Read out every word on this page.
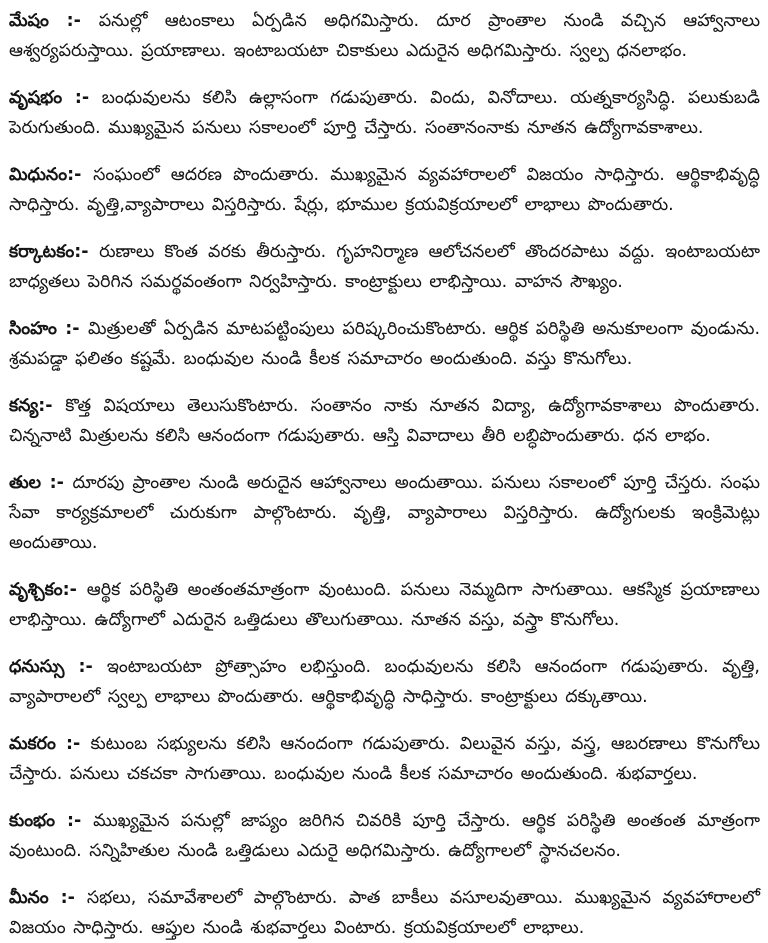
మేషం :- పనుల్లో ఆటంకాలు ఏర్పడిన అధిగమిస్తారు. దూర ప్రాంతాల నుండి వచ్చిన ఆహ్వానాలు ఆశ్వర్యపరుస్తాయి. ప్రయాణాలు. ఇంటాబయటా చికాకులు ఎదురైన అధిగమిస్తారు. స్వల్ప ధనలాభం.

వృషభం :- బంధువులను కలిసి ఉల్లాసంగా గడుపుతారు. విందు, వినోదాలు. యత్నకార్యసిద్ధి. పలుకుబడి పెరుగుతుంది. ముఖ్యమైన పనులు సకాలంలో పూర్తి చేస్తారు. సంతానంనాకు నూతన ఉద్యోగావకాశాలు.

మిధునం:- సంఘంలో ఆదరణ పొందుతారు. ముఖ్యమైన వ్యవహారాలలో విజయం సాధిస్తారు. ఆర్థికాభివృద్ధి సాధిస్తారు. వృత్తి,వ్యాపారాలు విస్తరిస్తారు. షేర్లు, భూముల క్రయవిక్రయాలలో లాభాలు పొందుతారు.

కర్కాటకం:- రుణాలు కొంత వరకు తీరుస్తారు. గృహనిర్మాణ ఆలోచనలలో తొందరపాటు వద్దు. ఇంటాబయటా బాధ్యతలు పెరిగిన సమర్థవంతంగా నిర్వహిస్తారు. కాంట్రాక్టులు లాభిస్తాయి. వాహన సౌఖ్యం.

సింహం :- మిత్రులతో ఏర్పడిన మాటపట్టింపులు పరిష్కరించుకొంటారు. ఆర్థిక పరిస్థితి అనుకూలంగా వుండును. శ్రమపడ్డా ఫలితం కష్టమే. బంధువుల నుండి కీలక సమాచారం అందుతుంది. వస్తు కొనుగోలు.

కన్య:- కొత్త విషయాలు తెలుసుకొంటారు. సంతానం నాకు నూతన విద్యా, ఉద్యోగావకాశాలు పొందుతారు. చిన్ననాటి మిత్రులను కలిసి ఆనందంగా గడుపుతారు. ఆస్తి వివాదాలు తీరి లబ్ధిపొందుతారు. ధన లాభం.

తుల :- దూరపు ప్రాంతాల నుండి అరుదైన ఆహ్వానాలు అందుతాయి. పనులు సకాలంలో పూర్తి చేస్తరు. సంఘ సేవా కార్యక్రమాలలో చురుకుగా పాల్గొంటారు. వృత్తి, వ్యాపారాలు విస్తరిస్తారు. ఉద్యోగులకు ఇంక్రిమెట్లు అందుతాయి.

వృశ్చికం:- ఆర్థిక పరిస్థితి అంతంతమాత్రంగా వుంటుంది. పనులు నెమ్మదిగా సాగుతాయి. ఆకస్మిక ప్రయాణాలు లాభిస్తాయి. ఉద్యోగాలో ఎదురైన ఒత్తిడులు తొలుగుతాయి. నూతన వస్తు, వస్త్రా కొనుగోలు.

ధనుస్సు :- ఇంటాబయటా ప్రోత్సాహం లభిస్తుంది. బంధువులను కలిసి ఆనందంగా గడుపుతారు. వృత్తి, వ్యాపారాలలో స్వల్ప లాభాలు పొందుతారు. ఆర్థికాభివృద్ధి సాధిస్తారు. కాంట్రాక్టులు దక్కుతాయి.

మకరం :- కుటుంబ సభ్యులను కలిసి ఆనందంగా గడుపుతారు. విలువైన వస్తు, వస్త్ర, ఆబరణాలు కొనుగోలు చేస్తారు. పనులు చకచకా సాగుతాయి. బంధువుల నుండి కీలక సమాచారం అందుతుంది. శుభవార్తలు.

కుంభం :- ముఖ్యమైన పనుల్లో జాప్యం జరిగిన చివరికి పూర్తి చేస్తారు. ఆర్థిక పరిస్థితి అంతంత మాత్రంగా వుంటుంది. సన్నిహితుల నుండి ఒత్తిడులు ఎదురై అధిగమిస్తారు. ఉద్యోగాలలో స్థానచలనం.

మీనం :- సభలు, సమావేశాలలో పాల్గొంటారు. పాత బాకీలు వసూలవుతాయి. ముఖ్యమైన వ్యవహారాలలో విజయం సాధిస్తారు. ఆప్తుల నుండి శుభవార్తలు వింటారు. క్రయవిక్రయాలలో లాభాలు.
